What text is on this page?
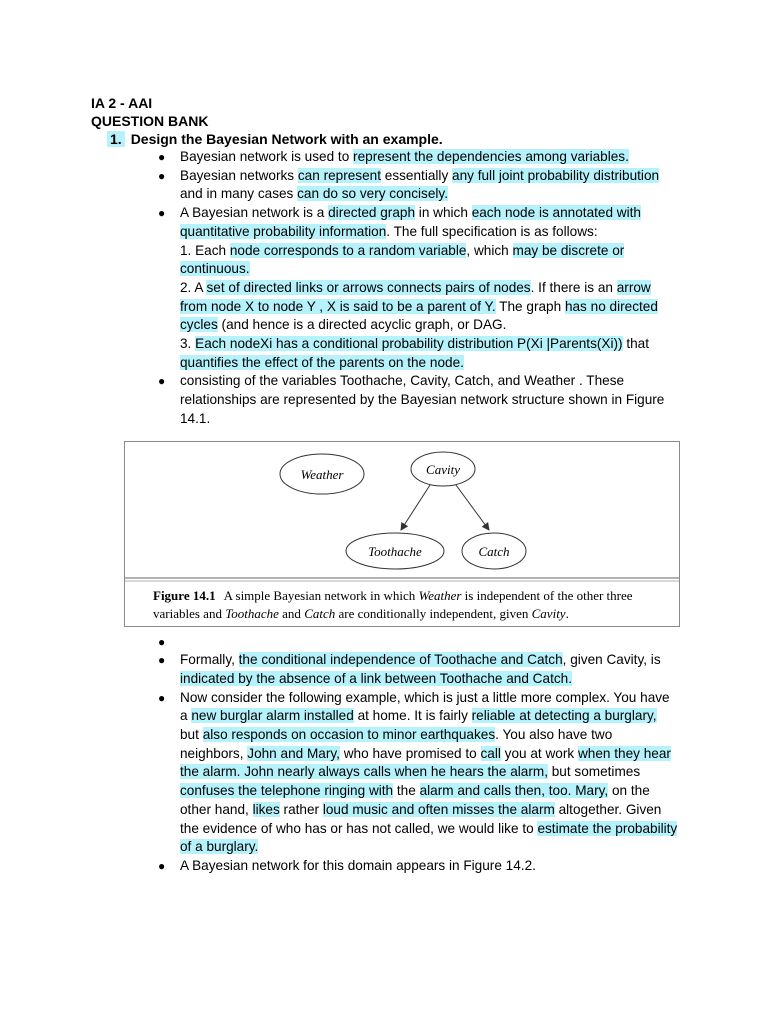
IA 2 - AAI
QUESTION BANK
1. Design the Bayesian Network with an example.
● Bayesian network is used to represent the dependencies among variables.
● Bayesian networks can represent essentially any full joint probability distribution and in many cases can do so very concisely.
● A Bayesian network is a directed graph in which each node is annotated with quantitative probability information. The full specification is as follows:
1. Each node corresponds to a random variable, which may be discrete or continuous.
2. A set of directed links or arrows connects pairs of nodes. If there is an arrow from node X to node Y , X is said to be a parent of Y. The graph has no directed cycles (and hence is a directed acyclic graph, or DAG.
3. Each nodeXi has a conditional probability distribution P(Xi |Parents(Xi)) that quantifies the effect of the parents on the node.
● consisting of the variables Toothache, Cavity, Catch, and Weather . These relationships are represented by the Bayesian network structure shown in Figure 14.1.
Weather	Cavity
Toothache	Catch
Figure 14.1 A simple Bayesian network in which Weather is independent of the other three variables and Toothache and Catch are conditionally independent, given Cavity.
●

● Formally, the conditional independence of Toothache and Catch, given Cavity, is indicated by the absence of a link between Toothache and Catch.
● Now consider the following example, which is just a little more complex. You have a new burglar alarm installed at home. It is fairly reliable at detecting a burglary, but also responds on occasion to minor earthquakes. You also have two neighbors, John and Mary, who have promised to call you at work when they hear the alarm. John nearly always calls when he hears the alarm, but sometimes confuses the telephone ringing with the alarm and calls then, too. Mary, on the other hand, likes rather loud music and often misses the alarm altogether. Given the evidence of who has or has not called, we would like to estimate the probability of a burglary.
● A Bayesian network for this domain appears in Figure 14.2.
